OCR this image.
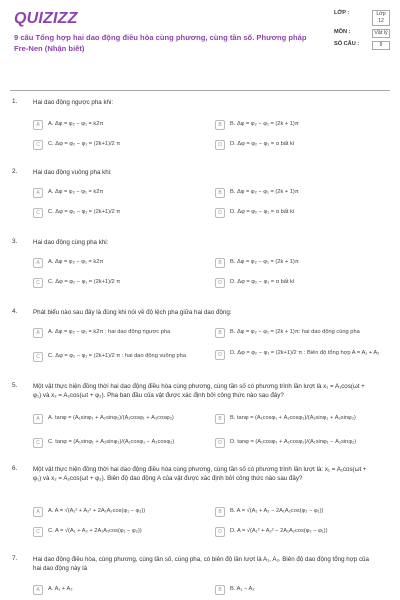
QUIZIZZ
9 câu Tổng hợp hai dao động điều hòa cùng phương, cùng tần số. Phương pháp Fre-Nen (Nhận biết)
LỚP :	Lớp 12
MÔN :	Vật lý
SỐ CÂU :	9
1.	Hai dao động ngược pha khi:
A	A. Δφ = φ₂ − φ₁ = k2π	B	B. Δφ = φ₂ − φ₁ = (2k + 1)π
C	C. Δφ = φ₂ − φ₁ = (2k+1)/2 π	D	D. Δφ = φ₂ − φ₁ = α bất kì
2.	Hai dao động vuông pha khi:
A	A. Δφ = φ₂ − φ₁ = k2π	B	B. Δφ = φ₂ − φ₁ = (2k + 1)π
C	C. Δφ = φ₂ − φ₁ = (2k+1)/2 π	D	D. Δφ = φ₂ − φ₁ = α bất kì
3.	Hai dao động cùng pha khi:
A	A. Δφ = φ₂ − φ₁ = k2π	B	B. Δφ = φ₂ − φ₁ = (2k + 1)π
C	C. Δφ = φ₂ − φ₁ = (2k+1)/2 π	D	D. Δφ = φ₂ − φ₁ = α bất kì
4.	Phát biểu nào sau đây là đúng khi nói về độ lệch pha giữa hai dao động:
A	A. Δφ = φ₂ − φ₁ = k2π : hai dao động ngược pha	B	B. Δφ = φ₂ − φ₁ = (2k + 1)π: hai dao động cùng pha
C	C. Δφ = φ₂ − φ₁ = (2k+1)/2 π : hai dao động vuông pha	D	D. Δφ = φ₂ − φ₁ = (2k+1)/2 π : Biên độ tổng hợp A = A₁ + A₂
5.	Một vật thực hiện đồng thời hai dao động điều hòa cùng phương, cùng tần số có phương trình lần lượt là x₁ = A₁cos(ωt + φ₁) và x₂ = A₂cos(ωt + φ₂). Pha ban đầu của vật được xác định bởi công thức nào sau đây?
A	A. tanφ = (A₁sinφ₁ + A₂sinφ₂)/(A₁cosφ₁ + A₂cosφ₂)	B	B. tanφ = (A₁cosφ₁ + A₂cosφ₂)/(A₁sinφ₁ + A₂sinφ₂)
C	C. tanφ = (A₁sinφ₁ + A₂sinφ₂)/(A₁cosφ₁ − A₂cosφ₂)	D	D. tanφ = (A₁cosφ₁ + A₂cosφ₂)/(A₁sinφ₁ − A₂sinφ₂)
6.	Một vật thực hiện đồng thời hai dao động điều hòa cùng phương, cùng tần số có phương trình lần lượt là: x₁ = A₁cos(ωt + φ₁) và x₂ = A₂cos(ωt + φ₂). Biên độ dao động A của vật được xác định bởi công thức nào sau đây?
A	A. A = √(A₁² + A₂² + 2A₁A₂cos(φ₁ − φ₂))	B	B. A = √(A₁ + A₂ − 2A₁A₂cos(φ₂ − φ₁))
C	C. A = √(A₁ + A₂ + 2A₁A₂cos(φ₁ − φ₂))	D	D. A = √(A₁² + A₂² − 2A₁A₂cos(φ₂ − φ₁))
7.	Hai dao động điều hòa, cùng phương, cùng tần số, cùng pha, có biên độ lần lượt là A₁, A₂. Biên độ dao động tổng hợp của hai dao động này là
A	A. A₁ + A₂	B	B. A₁ − A₂
